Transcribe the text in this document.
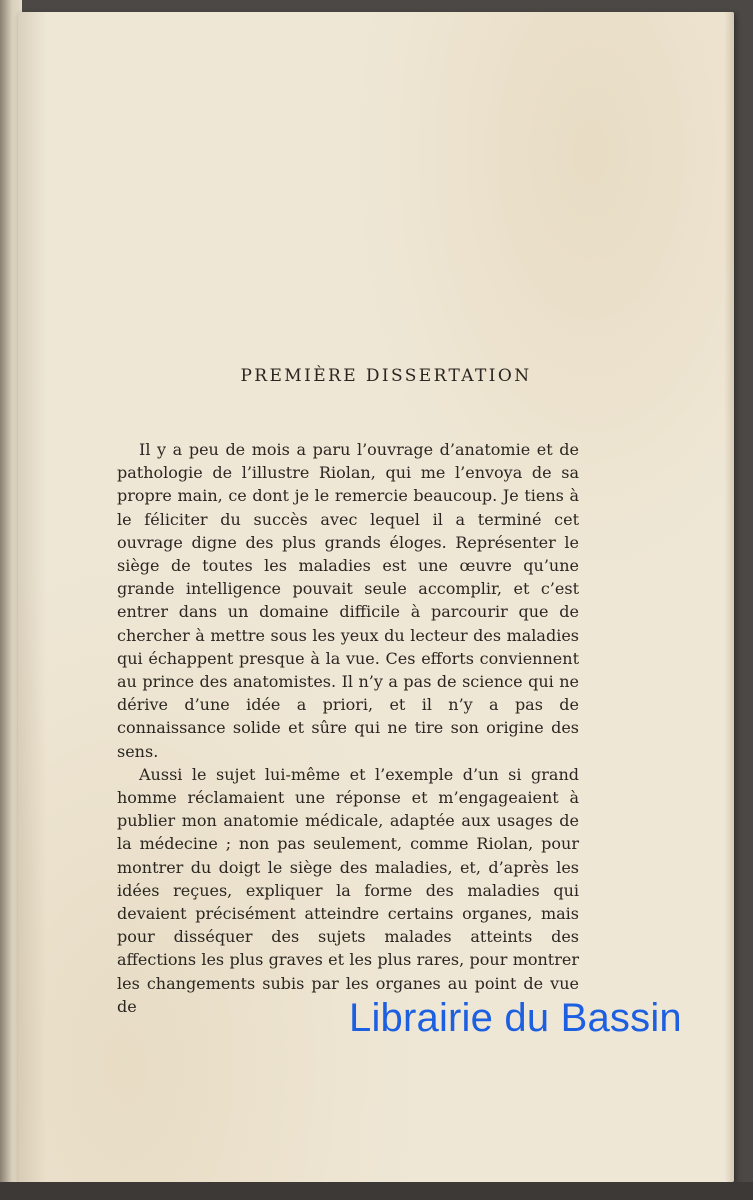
PREMIÈRE DISSERTATION

Il y a peu de mois a paru l’ouvrage d’anatomie et de pathologie de l’illustre Riolan, qui me l’envoya de sa propre main, ce dont je le remercie beaucoup. Je tiens à le féliciter du succès avec lequel il a terminé cet ouvrage digne des plus grands éloges. Représenter le siège de toutes les maladies est une œuvre qu’une grande intelligence pouvait seule accomplir, et c’est entrer dans un domaine difficile à parcourir que de chercher à mettre sous les yeux du lecteur des maladies qui échappent presque à la vue. Ces efforts conviennent au prince des anatomistes. Il n’y a pas de science qui ne dérive d’une idée a priori, et il n’y a pas de connaissance solide et sûre qui ne tire son origine des sens.

Aussi le sujet lui-même et l’exemple d’un si grand homme réclamaient une réponse et m’engageaient à publier mon anatomie médicale, adaptée aux usages de la médecine ; non pas seulement, comme Riolan, pour montrer du doigt le siège des maladies, et, d’après les idées reçues, expliquer la forme des maladies qui devaient précisément atteindre certains organes, mais pour disséquer des sujets malades atteints des affections les plus graves et les plus rares, pour montrer les changements subis par les organes au point de vue de	Librairie du Bassin
